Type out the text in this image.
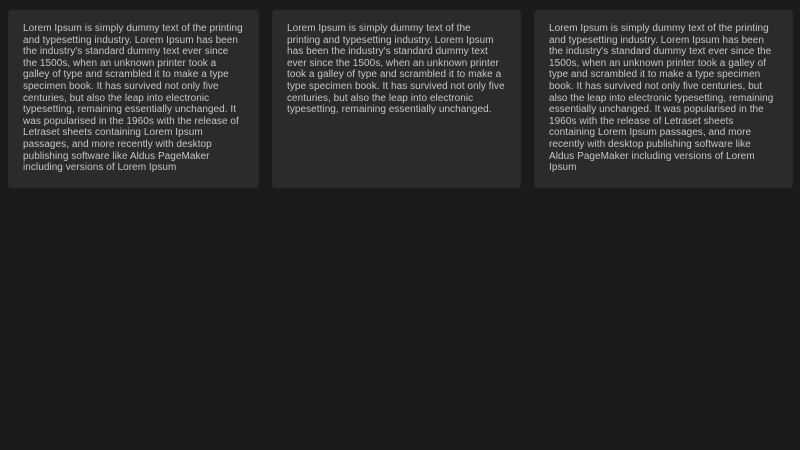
Lorem Ipsum is simply dummy text of the printing and typesetting industry. Lorem Ipsum has been the industry's standard dummy text ever since the 1500s, when an unknown printer took a galley of type and scrambled it to make a type specimen book. It has survived not only five centuries, but also the leap into electronic typesetting, remaining essentially unchanged. It was popularised in the 1960s with the release of Letraset sheets containing Lorem Ipsum passages, and more recently with desktop publishing software like Aldus PageMaker including versions of Lorem Ipsum

Lorem Ipsum is simply dummy text of the printing and typesetting industry. Lorem Ipsum has been the industry's standard dummy text ever since the 1500s, when an unknown printer took a galley of type and scrambled it to make a type specimen book. It has survived not only five centuries, but also the leap into electronic typesetting, remaining essentially unchanged.

Lorem Ipsum is simply dummy text of the printing and typesetting industry. Lorem Ipsum has been the industry's standard dummy text ever since the 1500s, when an unknown printer took a galley of type and scrambled it to make a type specimen book. It has survived not only five centuries, but also the leap into electronic typesetting, remaining essentially unchanged. It was popularised in the 1960s with the release of Letraset sheets containing Lorem Ipsum passages, and more recently with desktop publishing software like Aldus PageMaker including versions of Lorem Ipsum
